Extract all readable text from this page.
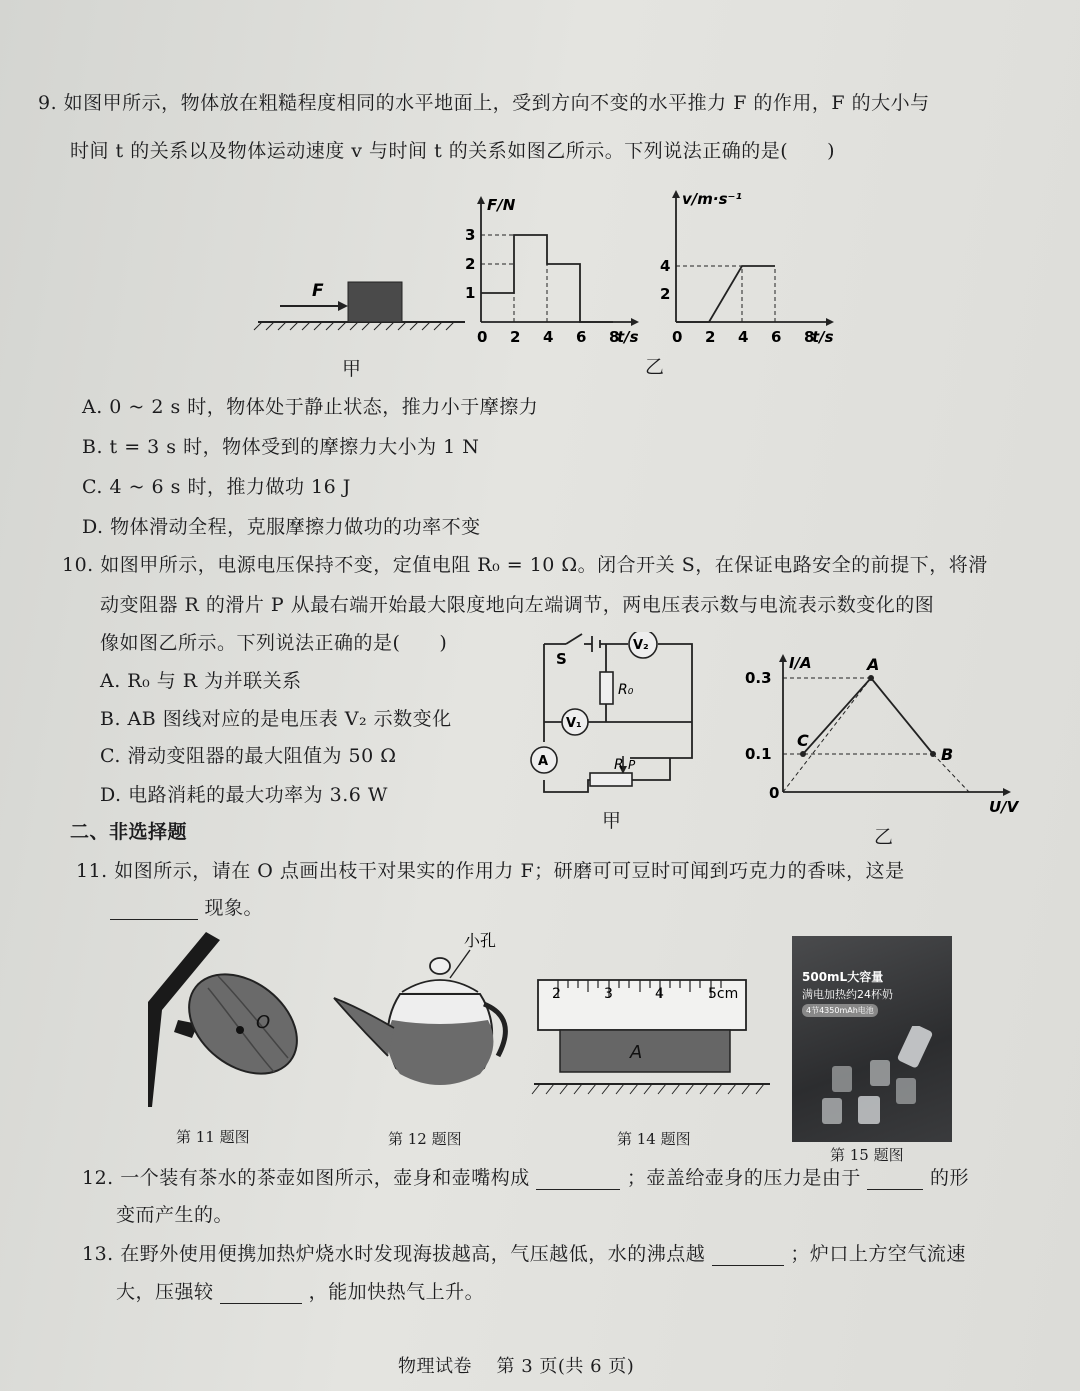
9. 如图甲所示，物体放在粗糙程度相同的水平地面上，受到方向不变的水平推力 F 的作用，F 的大小与
时间 t 的关系以及物体运动速度 v 与时间 t 的关系如图乙所示。下列说法正确的是(　　)
F
甲
F/N
t/s
0 2 4 6 8
1
2
3
v/m·s⁻¹
t/s
0 2 4 6 8
2
4
乙
A. 0 ~ 2 s 时，物体处于静止状态，推力小于摩擦力
B. t = 3 s 时，物体受到的摩擦力大小为 1 N
C. 4 ~ 6 s 时，推力做功 16 J
D. 物体滑动全程，克服摩擦力做功的功率不变
10. 如图甲所示，电源电压保持不变，定值电阻 R₀ = 10 Ω。闭合开关 S，在保证电路安全的前提下，将滑
动变阻器 R 的滑片 P 从最右端开始最大限度地向左端调节，两电压表示数与电流表示数变化的图
像如图乙所示。下列说法正确的是(　　)
A. R₀ 与 R 为并联关系
B. AB 图线对应的是电压表 V₂ 示数变化
C. 滑动变阻器的最大阻值为 50 Ω
D. 电路消耗的最大功率为 3.6 W
S
V₂
V₁
A
R₀
R P
甲
I/A
U/V
0
0.1
0.3
A
B
C
乙
二、非选择题
11. 如图所示，请在 O 点画出枝干对果实的作用力 F；研磨可可豆时可闻到巧克力的香味，这是
现象。
O
小孔
2	3	4	5cm
A
500mL大容量
满电加热约24杯奶
4节4350mAh电池
第 11 题图	第 12 题图	第 14 题图
第 15 题图
12. 一个装有茶水的茶壶如图所示，壶身和壶嘴构成	；壶盖给壶身的压力是由于	的形
变而产生的。
13. 在野外使用便携加热炉烧水时发现海拔越高，气压越低，水的沸点越	；炉口上方空气流速
大，压强较	，能加快热气上升。
物理试卷 第 3 页(共 6 页)
